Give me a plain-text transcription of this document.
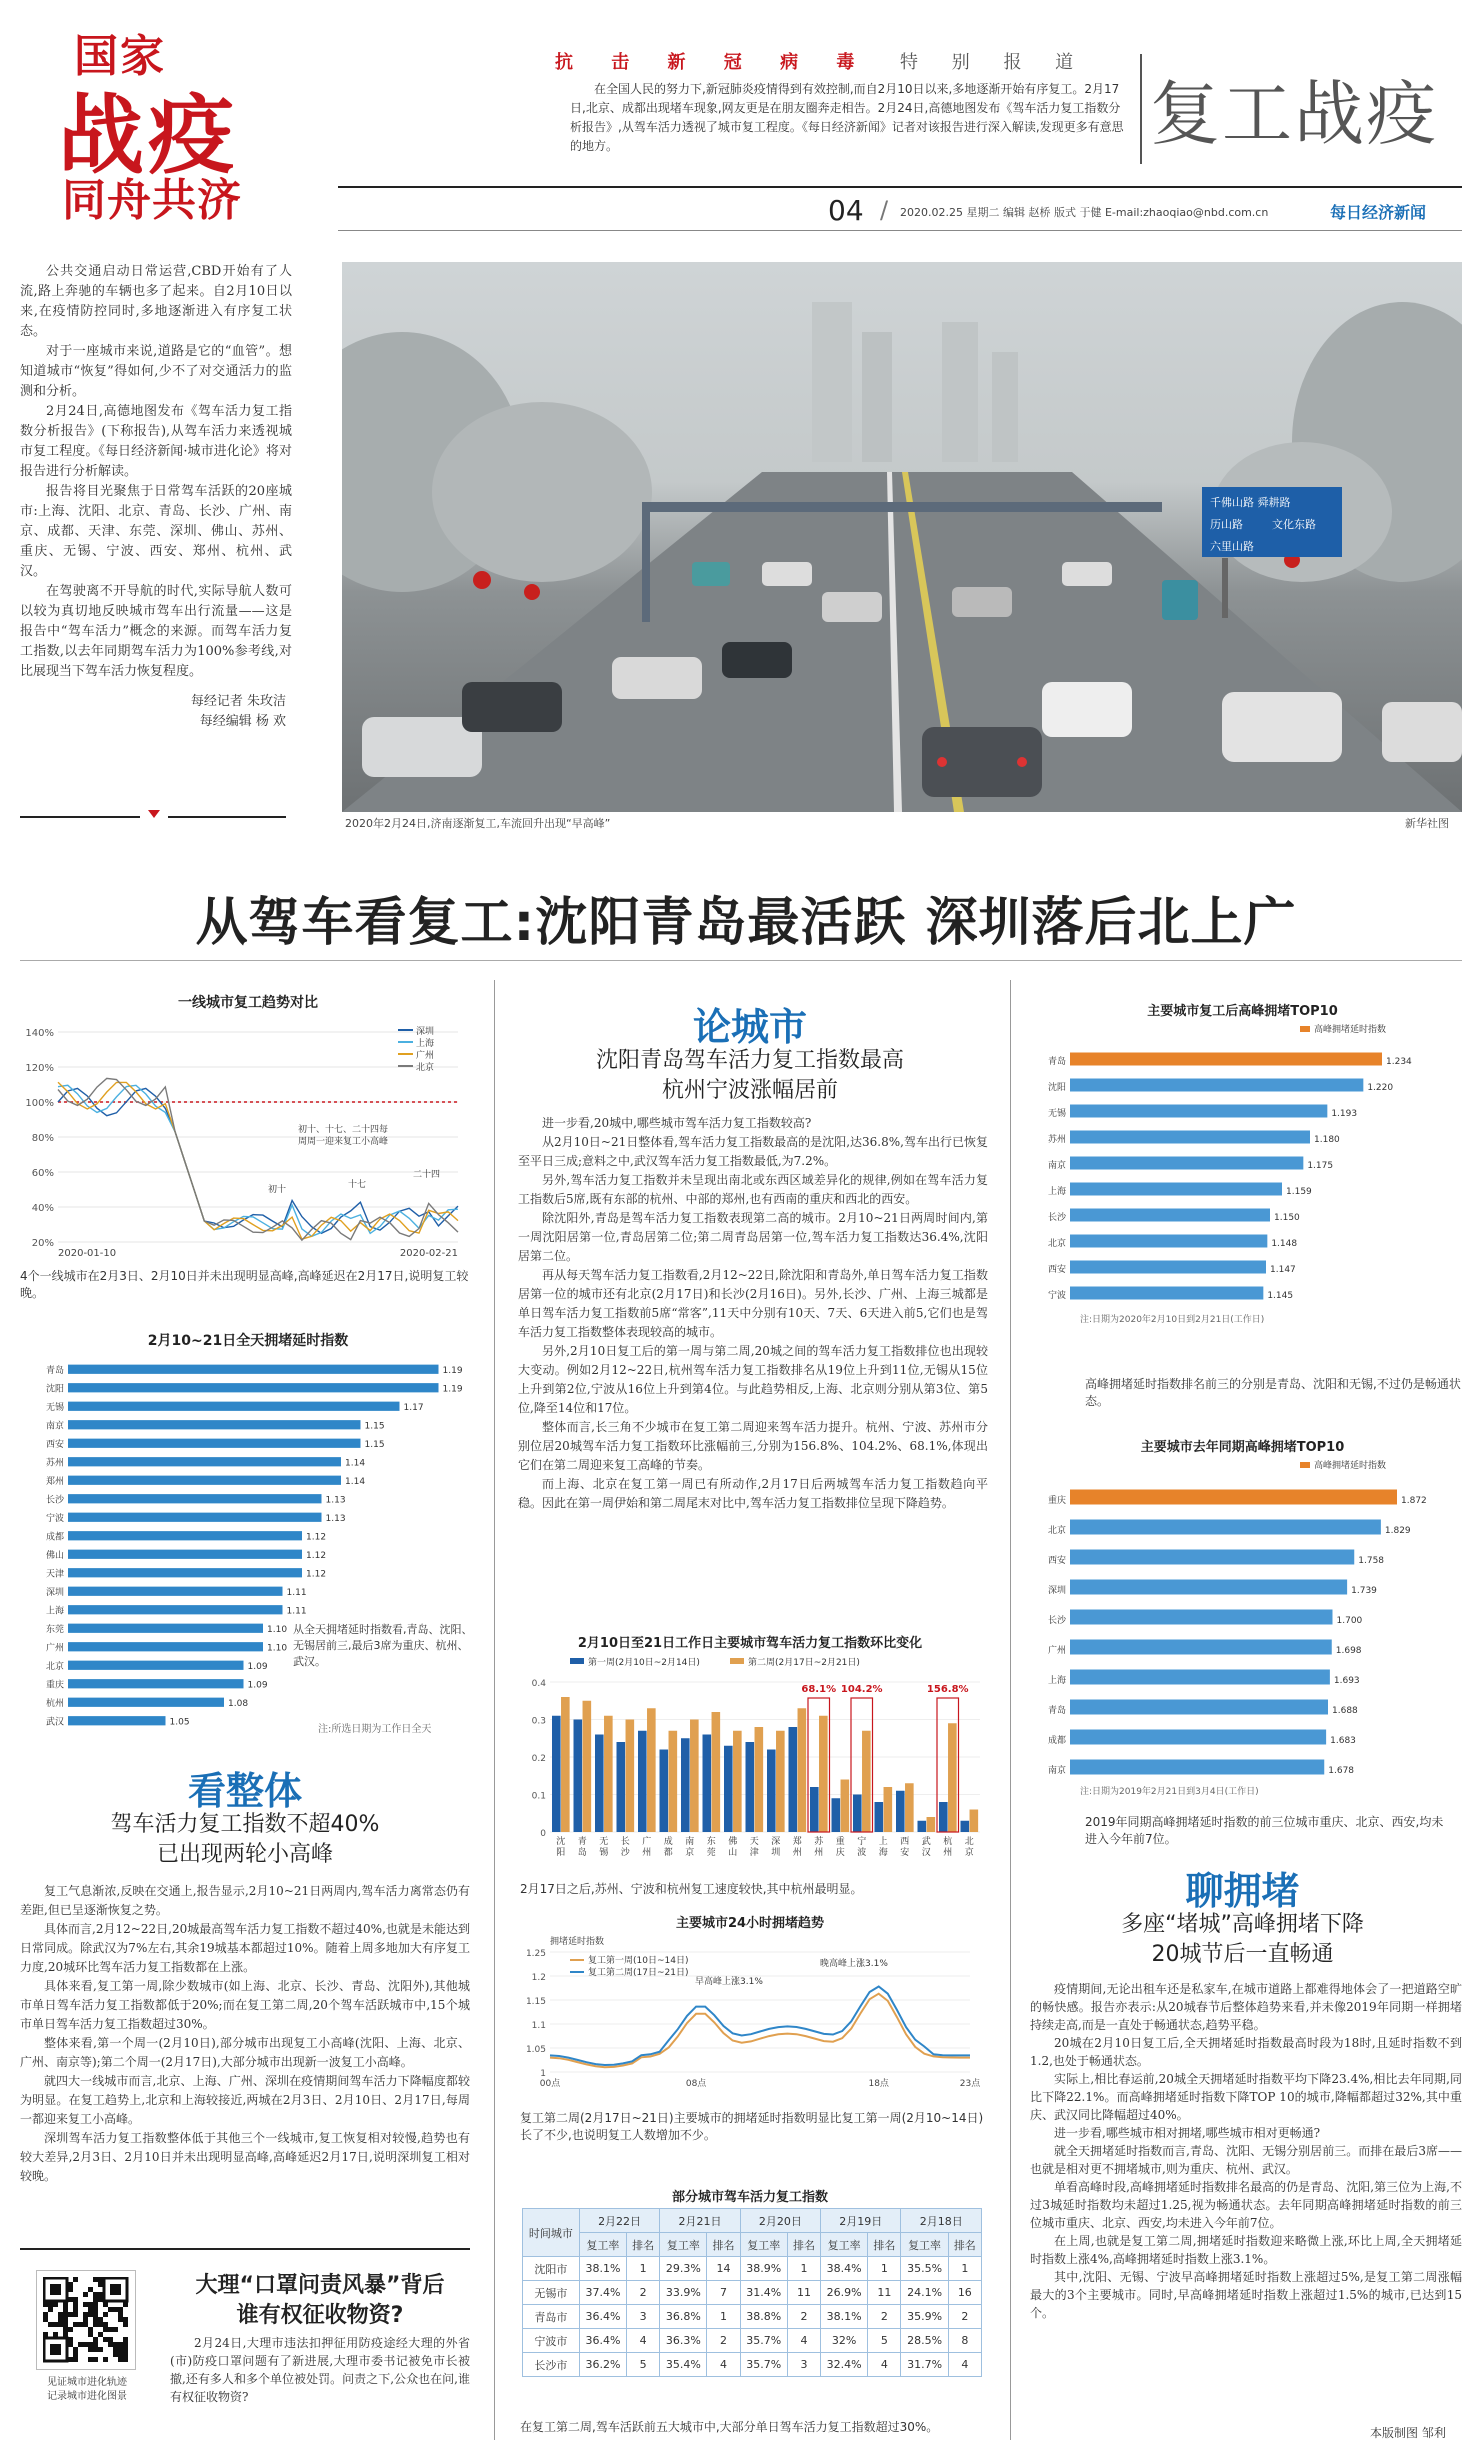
国家
战疫
同舟共济
抗 击 新 冠 病 毒 特 别 报 道
在全国人民的努力下,新冠肺炎疫情得到有效控制,而自2月10日以来,多地逐渐开始有序复工。2月17日,北京、成都出现堵车现象,网友更是在朋友圈奔走相告。2月24日,高德地图发布《驾车活力复工指数分析报告》,从驾车活力透视了城市复工程度。《每日经济新闻》记者对该报告进行深入解读,发现更多有意思的地方。	复工战疫
04 / 2020.02.25 星期二 编辑 赵桥 版式 于健 E-mail:zhaoqiao@nbd.com.cn	每日经济新闻

公共交通启动日常运营,CBD开始有了人流,路上奔驰的车辆也多了起来。自2月10日以来,在疫情防控同时,多地逐渐进入有序复工状态。

对于一座城市来说,道路是它的“血管”。想知道城市“恢复”得如何,少不了对交通活力的监测和分析。

2月24日,高德地图发布《驾车活力复工指数分析报告》(下称报告),从驾车活力来透视城市复工程度。《每日经济新闻·城市进化论》将对报告进行分析解读。

报告将目光聚焦于日常驾车活跃的20座城市:上海、沈阳、北京、青岛、长沙、广州、南京、成都、天津、东莞、深圳、佛山、苏州、重庆、无锡、宁波、西安、郑州、杭州、武汉。

在驾驶离不开导航的时代,实际导航人数可以较为真切地反映城市驾车出行流量——这是报告中“驾车活力”概念的来源。而驾车活力复工指数,以去年同期驾车活力为100%参考线,对比展现当下驾车活力恢复程度。

每经记者 朱玫洁
每经编辑 杨 欢
千佛山路 舜耕路
历山路	文化东路
六里山路
2020年2月24日,济南逐渐复工,车流回升出现“早高峰”	新华社图
从驾车看复工:沈阳青岛最活跃 深圳落后北上广
一线城市复工趋势对比
140%
120%
100%
80%
60%
40%
20%
深圳
上海
广州
北京
2020-01-10	2020-02-21
初十、十七、二十四每
周周一迎来复工小高峰
初十	十七
二十四
4个一线城市在2月3日、2月10日并未出现明显高峰,高峰延迟在2月17日,说明复工较晚。
2月10~21日全天拥堵延时指数
青岛	1.19
沈阳	1.19
无锡	1.17
南京	1.15
西安	1.15
苏州	1.14
郑州	1.14
长沙	1.13
宁波	1.13
成都	1.12
佛山	1.12
天津	1.12
深圳	1.11
上海	1.11
东莞	1.10
广州	1.10
北京	1.09
重庆	1.09
杭州	1.08
武汉	1.05
从全天拥堵延时指数看,青岛、沈阳、无锡居前三,最后3席为重庆、杭州、武汉。
注:所选日期为工作日全天
看整体
驾车活力复工指数不超40%
已出现两轮小高峰

复工气息渐浓,反映在交通上,报告显示,2月10~21日两周内,驾车活力离常态仍有差距,但已呈逐渐恢复之势。

具体而言,2月12~22日,20城最高驾车活力复工指数不超过40%,也就是未能达到日常同成。除武汉为7%左右,其余19城基本都超过10%。随着上周多地加大有序复工力度,20城环比驾车活力复工指数都在上涨。

具体来看,复工第一周,除少数城市(如上海、北京、长沙、青岛、沈阳外),其他城市单日驾车活力复工指数都低于20%;而在复工第二周,20个驾车活跃城市中,15个城市单日驾车活力复工指数超过30%。

整体来看,第一个周一(2月10日),部分城市出现复工小高峰(沈阳、上海、北京、广州、南京等);第二个周一(2月17日),大部分城市出现新一波复工小高峰。

就四大一线城市而言,北京、上海、广州、深圳在疫情期间驾车活力下降幅度都较为明显。在复工趋势上,北京和上海较接近,两城在2月3日、2月10日、2月17日,每周一都迎来复工小高峰。

深圳驾车活力复工指数整体低于其他三个一线城市,复工恢复相对较慢,趋势也有较大差异,2月3日、2月10日并未出现明显高峰,高峰延迟2月17日,说明深圳复工相对较晚。

见证城市进化轨迹
记录城市进化图景
大理“口罩问责风暴”背后
谁有权征收物资?
2月24日,大理市违法扣押征用防疫途经大理的外省(市)防疫口罩问题有了新进展,大理市委书记被免市长被撤,还有多人和多个单位被处罚。问责之下,公众也在问,谁有权征收物资?
论城市
沈阳青岛驾车活力复工指数最高
杭州宁波涨幅居前

进一步看,20城中,哪些城市驾车活力复工指数较高?

从2月10日~21日整体看,驾车活力复工指数最高的是沈阳,达36.8%,驾车出行已恢复至平日三成;意料之中,武汉驾车活力复工指数最低,为7.2%。

另外,驾车活力复工指数并未呈现出南北或东西区域差异化的规律,例如在驾车活力复工指数后5席,既有东部的杭州、中部的郑州,也有西南的重庆和西北的西安。

除沈阳外,青岛是驾车活力复工指数表现第二高的城市。2月10~21日两周时间内,第一周沈阳居第一位,青岛居第二位;第二周青岛居第一位,驾车活力复工指数达36.4%,沈阳居第二位。

再从每天驾车活力复工指数看,2月12~22日,除沈阳和青岛外,单日驾车活力复工指数居第一位的城市还有北京(2月17日)和长沙(2月16日)。另外,长沙、广州、上海三城都是单日驾车活力复工指数前5席“常客”,11天中分别有10天、7天、6天进入前5,它们也是驾车活力复工指数整体表现较高的城市。

另外,2月10日复工后的第一周与第二周,20城之间的驾车活力复工指数排位也出现较大变动。例如2月12~22日,杭州驾车活力复工指数排名从19位上升到11位,无锡从15位上升到第2位,宁波从16位上升到第4位。与此趋势相反,上海、北京则分别从第3位、第5位,降至14位和17位。

整体而言,长三角不少城市在复工第二周迎来驾车活力提升。杭州、宁波、苏州市分别位居20城驾车活力复工指数环比涨幅前三,分别为156.8%、104.2%、68.1%,体现出它们在第二周迎来复工高峰的节奏。

而上海、北京在复工第一周已有所动作,2月17日后两城驾车活力复工指数趋向平稳。因此在第一周伊始和第二周尾末对比中,驾车活力复工指数排位呈现下降趋势。

2月10日至21日工作日主要城市驾车活力复工指数环比变化
0.4
0.3
0.2
0.1
0
第一周(2月10日~2月14日)	第二周(2月17日~2月21日)
沈
阳
青
岛
无
锡
长
沙
广
州
成
都
南
京
东
莞
佛
山
天
津
深
圳
郑
州
苏
州
重
庆
宁
波
上
海
西
安
武
汉
杭
州
北
京
68.1% 104.2%	156.8%
2月17日之后,苏州、宁波和杭州复工速度较快,其中杭州最明显。
主要城市24小时拥堵趋势
拥堵延时指数
1.25
1.2
1.15
1.1
1.05
1
00点	08点	18点	23点
复工第一周(10日~14日)
复工第二周(17日~21日)
早高峰上涨3.1%
晚高峰上涨3.1%
复工第二周(2月17日~21日)主要城市的拥堵延时指数明显比复工第一周(2月10~14日)长了不少,也说明复工人数增加不少。
部分城市驾车活力复工指数
时间城市	2月22日		2月21日		2月20日		2月19日		2月18日	
	复工率	排名	复工率	排名	复工率	排名	复工率	排名	复工率	排名
沈阳市	38.1%	1	29.3%	14	38.9%	1	38.4%	1	35.5%	1
无锡市	37.4%	2	33.9%	7	31.4%	11	26.9%	11	24.1%	16
青岛市	36.4%	3	36.8%	1	38.8%	2	38.1%	2	35.9%	2
宁波市	36.4%	4	36.3%	2	35.7%	4	32%	5	28.5%	8
长沙市	36.2%	5	35.4%	4	35.7%	3	32.4%	4	31.7%	4
在复工第二周,驾车活跃前五大城市中,大部分单日驾车活力复工指数超过30%。
主要城市复工后高峰拥堵TOP10
青岛	1.234
沈阳	1.220
无锡	1.193
苏州	1.180
南京	1.175
上海	1.159
长沙	1.150
北京	1.148
西安	1.147
宁波	1.145
高峰拥堵延时指数
注:日期为2020年2月10日到2月21日(工作日)
高峰拥堵延时指数排名前三的分别是青岛、沈阳和无锡,不过仍是畅通状态。
主要城市去年同期高峰拥堵TOP10
重庆	1.872
北京	1.829
西安	1.758
深圳	1.739
长沙	1.700
广州	1.698
上海	1.693
青岛	1.688
成都	1.683
南京	1.678
高峰拥堵延时指数
注:日期为2019年2月21日到3月4日(工作日)
2019年同期高峰拥堵延时指数的前三位城市重庆、北京、西安,均未进入今年前7位。
聊拥堵
多座“堵城”高峰拥堵下降
20城节后一直畅通

疫情期间,无论出租车还是私家车,在城市道路上都难得地体会了一把道路空旷的畅快感。报告亦表示:从20城春节后整体趋势来看,并未像2019年同期一样拥堵持续走高,而是一直处于畅通状态,趋势平稳。

20城在2月10日复工后,全天拥堵延时指数最高时段为18时,且延时指数不到1.2,也处于畅通状态。

实际上,相比春运前,20城全天拥堵延时指数平均下降23.4%,相比去年同期,同比下降22.1%。而高峰拥堵延时指数下降TOP 10的城市,降幅都超过32%,其中重庆、武汉同比降幅超过40%。

进一步看,哪些城市相对拥堵,哪些城市相对更畅通?

就全天拥堵延时指数而言,青岛、沈阳、无锡分别居前三。而排在最后3席——也就是相对更不拥堵城市,则为重庆、杭州、武汉。

单看高峰时段,高峰拥堵延时指数排名最高的仍是青岛、沈阳,第三位为上海,不过3城延时指数均未超过1.25,视为畅通状态。去年同期高峰拥堵延时指数的前三位城市重庆、北京、西安,均未进入今年前7位。

在上周,也就是复工第二周,拥堵延时指数迎来略微上涨,环比上周,全天拥堵延时指数上涨4%,高峰拥堵延时指数上涨3.1%。

其中,沈阳、无锡、宁波早高峰拥堵延时指数上涨超过5%,是复工第二周涨幅最大的3个主要城市。同时,早高峰拥堵延时指数上涨超过1.5%的城市,已达到15个。

本版制图 邹利
